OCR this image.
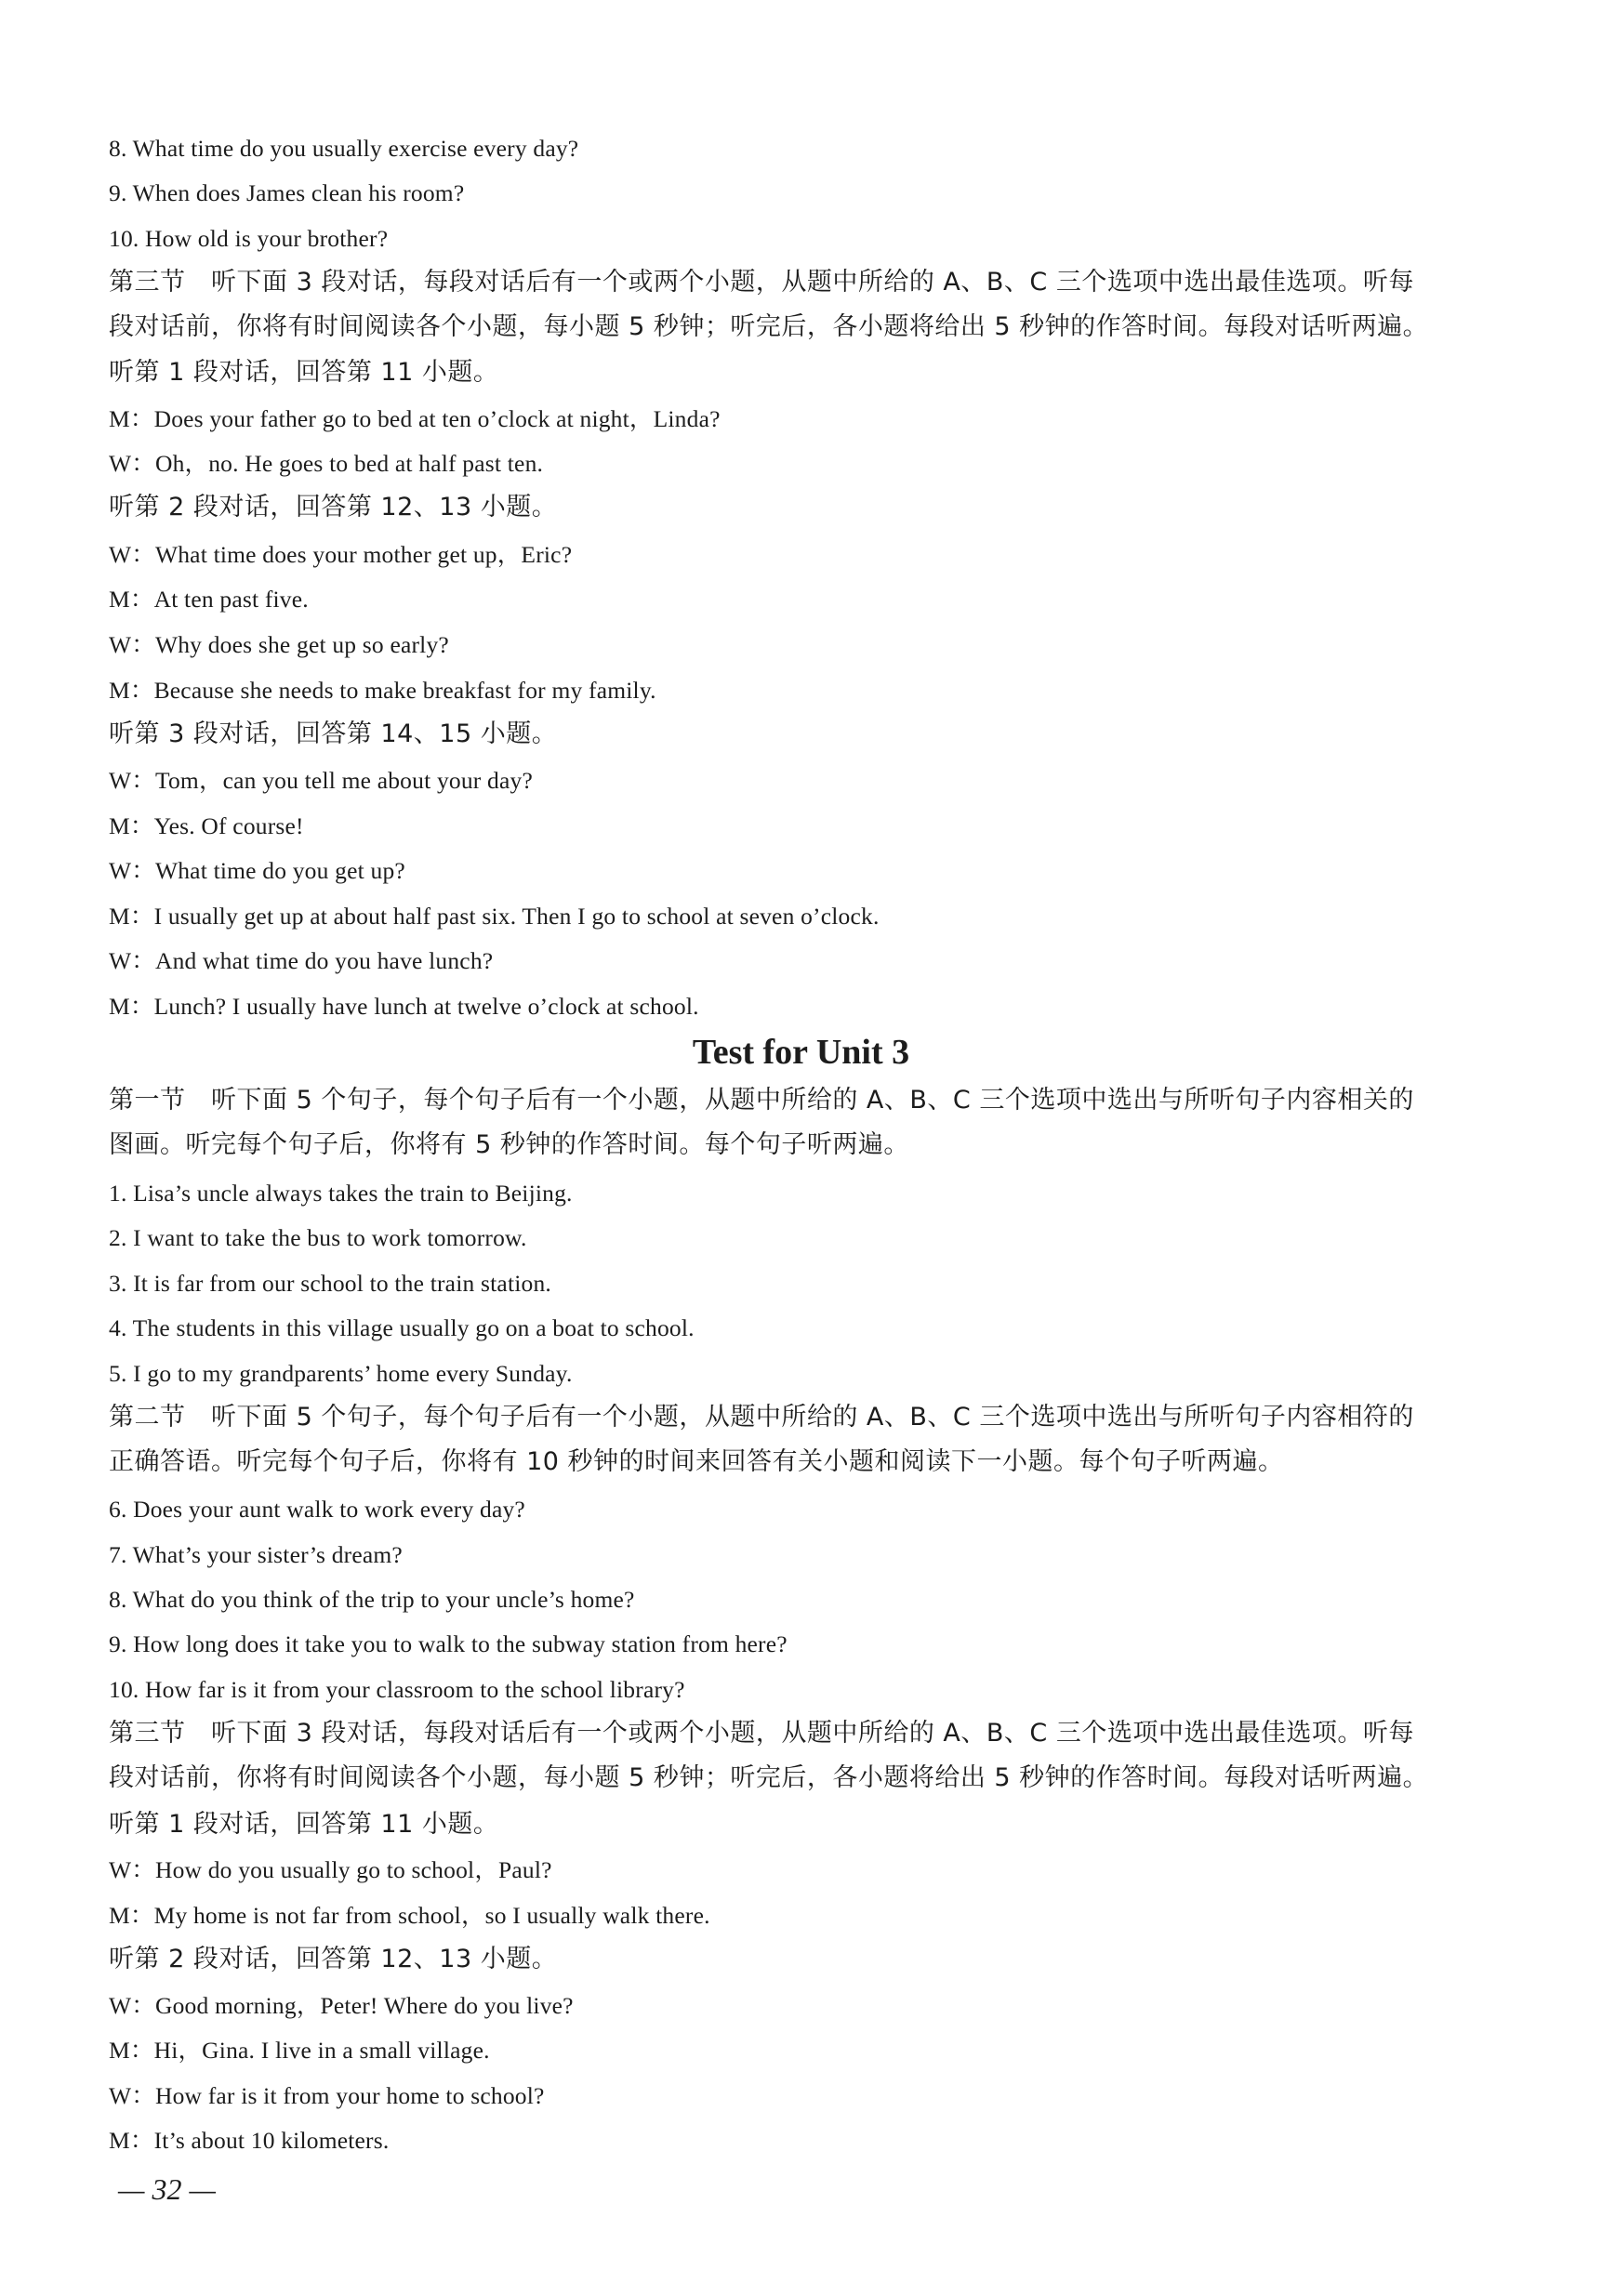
8. What time do you usually exercise every day?
9. When does James clean his room?
10. How old is your brother?
第三节　听下面 3 段对话，每段对话后有一个或两个小题，从题中所给的 A、B、C 三个选项中选出最佳选项。听每
段对话前，你将有时间阅读各个小题，每小题 5 秒钟；听完后，各小题将给出 5 秒钟的作答时间。每段对话听两遍。
听第 1 段对话，回答第 11 小题。
M：Does your father go to bed at ten o’clock at night，Linda?
W：Oh，no. He goes to bed at half past ten.
听第 2 段对话，回答第 12、13 小题。
W：What time does your mother get up，Eric?
M：At ten past five.
W：Why does she get up so early?
M：Because she needs to make breakfast for my family.
听第 3 段对话，回答第 14、15 小题。
W：Tom，can you tell me about your day?
M：Yes. Of course!
W：What time do you get up?
M：I usually get up at about half past six. Then I go to school at seven o’clock.
W：And what time do you have lunch?
M：Lunch? I usually have lunch at twelve o’clock at school.
Test for Unit 3
第一节　听下面 5 个句子，每个句子后有一个小题，从题中所给的 A、B、C 三个选项中选出与所听句子内容相关的
图画。听完每个句子后，你将有 5 秒钟的作答时间。每个句子听两遍。
1. Lisa’s uncle always takes the train to Beijing.
2. I want to take the bus to work tomorrow.
3. It is far from our school to the train station.
4. The students in this village usually go on a boat to school.
5. I go to my grandparents’ home every Sunday.
第二节　听下面 5 个句子，每个句子后有一个小题，从题中所给的 A、B、C 三个选项中选出与所听句子内容相符的
正确答语。听完每个句子后，你将有 10 秒钟的时间来回答有关小题和阅读下一小题。每个句子听两遍。
6. Does your aunt walk to work every day?
7. What’s your sister’s dream?
8. What do you think of the trip to your uncle’s home?
9. How long does it take you to walk to the subway station from here?
10. How far is it from your classroom to the school library?
第三节　听下面 3 段对话，每段对话后有一个或两个小题，从题中所给的 A、B、C 三个选项中选出最佳选项。听每
段对话前，你将有时间阅读各个小题，每小题 5 秒钟；听完后，各小题将给出 5 秒钟的作答时间。每段对话听两遍。
听第 1 段对话，回答第 11 小题。
W：How do you usually go to school，Paul?
M：My home is not far from school，so I usually walk there.
听第 2 段对话，回答第 12、13 小题。
W：Good morning，Peter! Where do you live?
M：Hi，Gina. I live in a small village.
W：How far is it from your home to school?
M：It’s about 10 kilometers.
— 32 —
